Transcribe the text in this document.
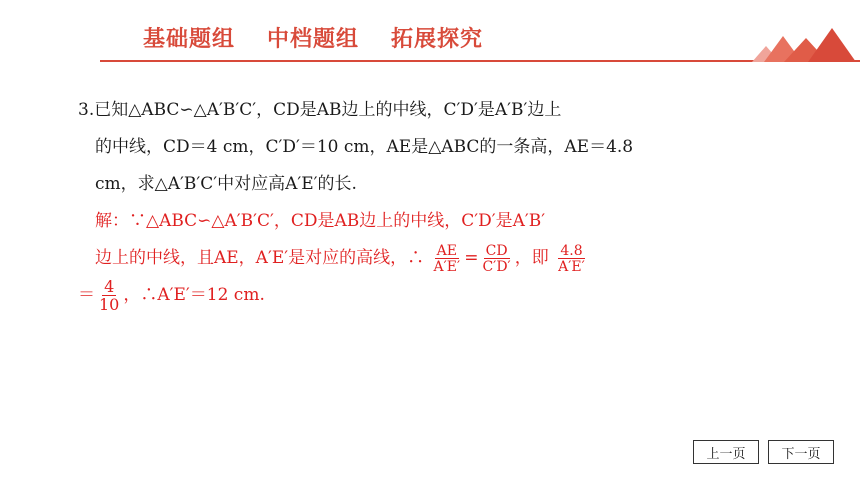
基础题组 中档题组 拓展探究
3.已知△ABC∽△A′B′C′，CD是AB边上的中线，C′D′是A′B′边上
的中线，CD＝4 cm，C′D′＝10 cm，AE是△ABC的一条高，AE＝4.8
cm，求△A′B′C′中对应高A′E′的长.
解：∵△ABC∽△A′B′C′，CD是AB边上的中线，C′D′是A′B′
边上的中线，且AE，A′E′是对应的高线，∴ $\frac{AE}{A'E'} = \frac{CD}{C'D'}$ ，即 $\frac{4.8}{A'E'}$
＝ $\frac{4}{10}$ ，∴A′E′＝12 cm.
上一页	下一页
